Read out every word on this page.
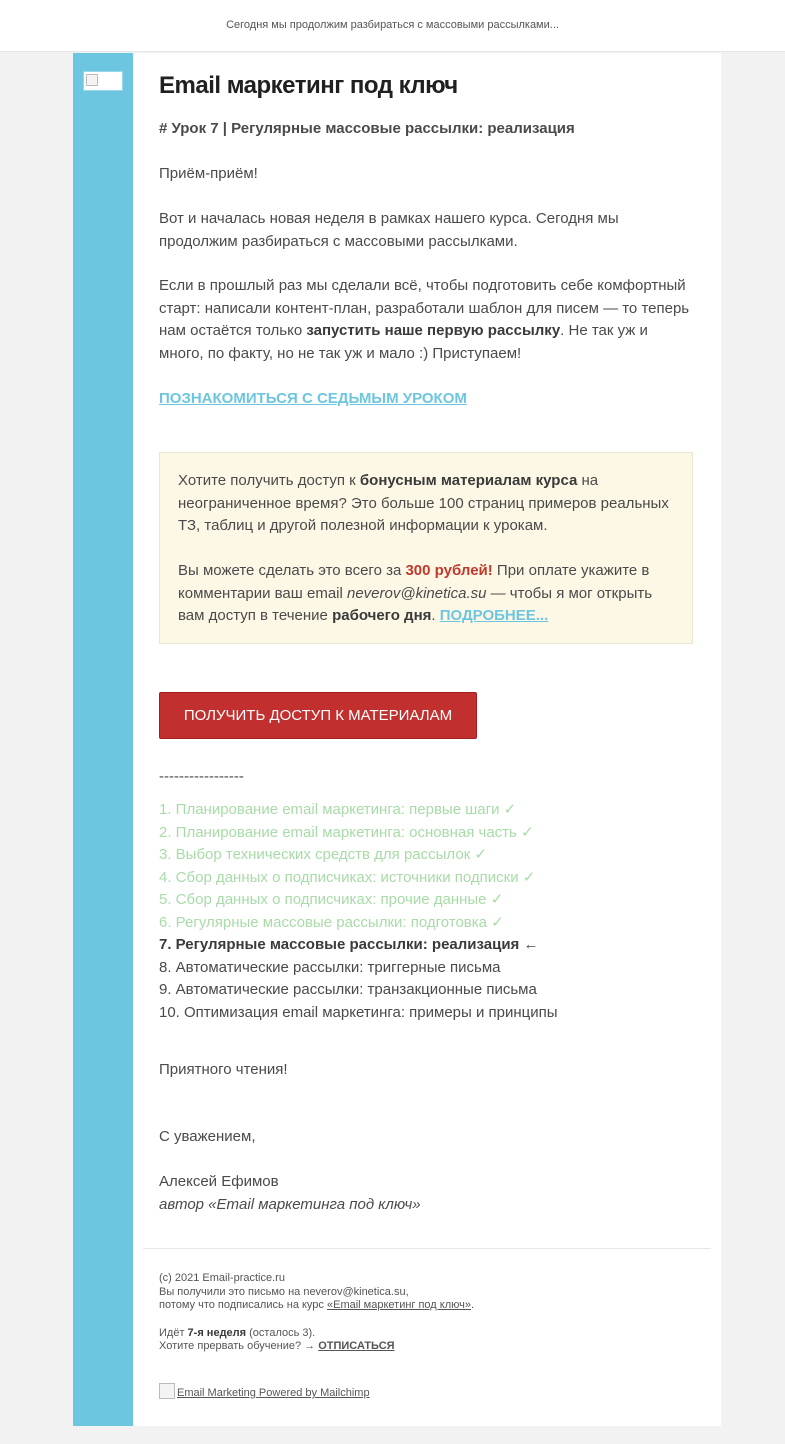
Сегодня мы продолжим разбираться с массовыми рассылками...
Email маркетинг под ключ

# Урок 7 | Регулярные массовые рассылки: реализация

Приём-приём!

Вот и началась новая неделя в рамках нашего курса. Сегодня мы продолжим разбираться с массовыми рассылками.

Если в прошлый раз мы сделали всё, чтобы подготовить себе комфортный старт: написали контент-план, разработали шаблон для писем — то теперь нам остаётся только запустить наше первую рассылку. Не так уж и много, по факту, но не так уж и мало :) Приступаем!

ПОЗНАКОМИТЬСЯ С СЕДЬМЫМ УРОКОМ

Хотите получить доступ к бонусным материалам курса на неограниченное время? Это больше 100 страниц примеров реальных ТЗ, таблиц и другой полезной информации к урокам.

Вы можете сделать это всего за 300 рублей! При оплате укажите в комментарии ваш email neverov@kinetica.su — чтобы я мог открыть вам доступ в течение рабочего дня. ПОДРОБНЕЕ...

ПОЛУЧИТЬ ДОСТУП К МАТЕРИАЛАМ

-----------------

1. Планирование email маркетинга: первые шаги ✓
2. Планирование email маркетинга: основная часть ✓
3. Выбор технических средств для рассылок ✓
4. Сбор данных о подписчиках: источники подписки ✓
5. Сбор данных о подписчиках: прочие данные ✓
6. Регулярные массовые рассылки: подготовка ✓
7. Регулярные массовые рассылки: реализация ←
8. Автоматические рассылки: триггерные письма
9. Автоматические рассылки: транзакционные письма
10. Оптимизация email маркетинга: примеры и принципы

Приятного чтения!

С уважением,

Алексей Ефимов

автор «Email маркетинга под ключ»

(c) 2021 Email-practice.ru
Вы получили это письмо на neverov@kinetica.su,
потому что подписались на курс «Email маркетинг под ключ».
Идёт 7-я неделя (осталось 3).
Хотите прервать обучение? → ОТПИСАТЬСЯ
Email Marketing Powered by Mailchimp
